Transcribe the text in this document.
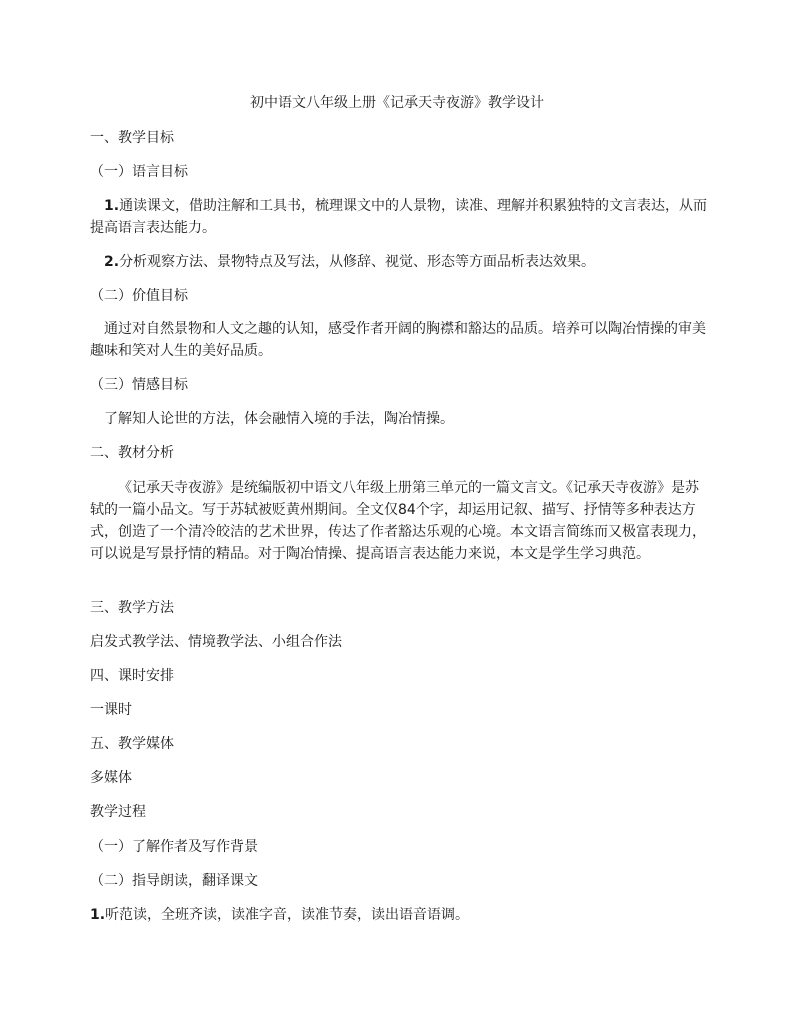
初中语文八年级上册《记承天寺夜游》教学设计
一、教学目标
（一）语言目标
1.通读课文，借助注解和工具书，梳理课文中的人景物，读准、理解并积累独特的文言表达，从而提高语言表达能力。
2.分析观察方法、景物特点及写法，从修辞、视觉、形态等方面品析表达效果。
（二）价值目标
通过对自然景物和人文之趣的认知，感受作者开阔的胸襟和豁达的品质。培养可以陶冶情操的审美趣味和笑对人生的美好品质。
（三）情感目标
了解知人论世的方法，体会融情入境的手法，陶冶情操。
二、教材分析
《记承天寺夜游》是统编版初中语文八年级上册第三单元的一篇文言文。《记承天寺夜游》是苏轼的一篇小品文。写于苏轼被贬黄州期间。全文仅84个字，却运用记叙、描写、抒情等多种表达方式，创造了一个清冷皎洁的艺术世界，传达了作者豁达乐观的心境。本文语言简练而又极富表现力，可以说是写景抒情的精品。对于陶冶情操、提高语言表达能力来说，本文是学生学习典范。
三、教学方法
启发式教学法、情境教学法、小组合作法
四、课时安排
一课时
五、教学媒体
多媒体
教学过程
（一）了解作者及写作背景
（二）指导朗读，翻译课文
1.听范读，全班齐读，读准字音，读准节奏，读出语音语调。
